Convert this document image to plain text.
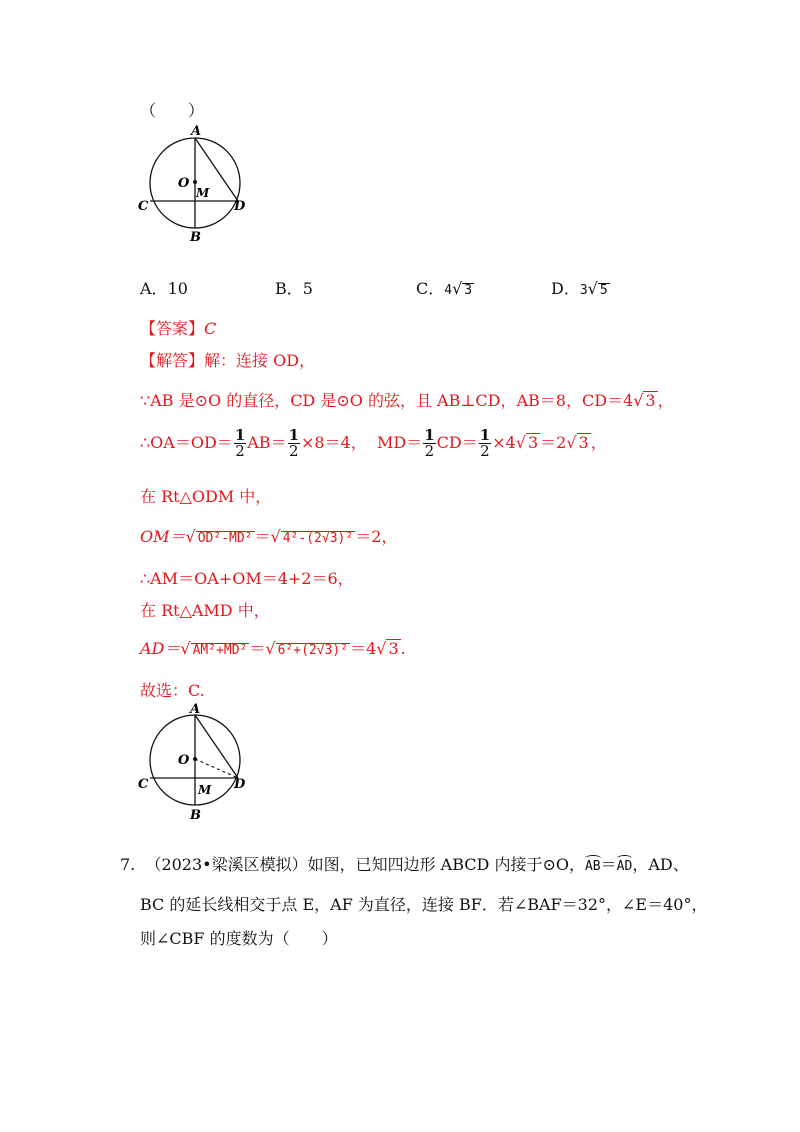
（　　）
A
O
M
C	D
B
A．10	B．5	C．4√ 3	D．3√ 5
【答案】C
【解答】解：连接 OD，
∵AB 是⊙O 的直径，CD 是⊙O 的弦，且 AB⊥CD，AB＝8，CD＝4√ 3 ，
∴OA＝OD＝ $\frac{1}{2} AB= \frac{1}{2} \times 8=4$， $MD= \frac{1}{2} CD= \frac{1}{2} \times 4√$ 3 ＝2√ 3 ，
在 Rt△ODM 中，
OM＝√ OD²-MD² ＝√ 4²-(2√3)² ＝2，
∴AM＝OA+OM＝4+2＝6，
在 Rt△AMD 中，
AD＝√ AM²+MD² ＝√ 6²+(2√3)² ＝4√ 3 .
故选：C.
A
O
M
C	D
B
7. （2023•梁溪区模拟）如图，已知四边形 ABCD 内接于⊙O，AB＝AD，AD、
BC 的延长线相交于点 E，AF 为直径，连接 BF．若∠BAF＝32°，∠E＝40°，
则∠CBF 的度数为（　　）
